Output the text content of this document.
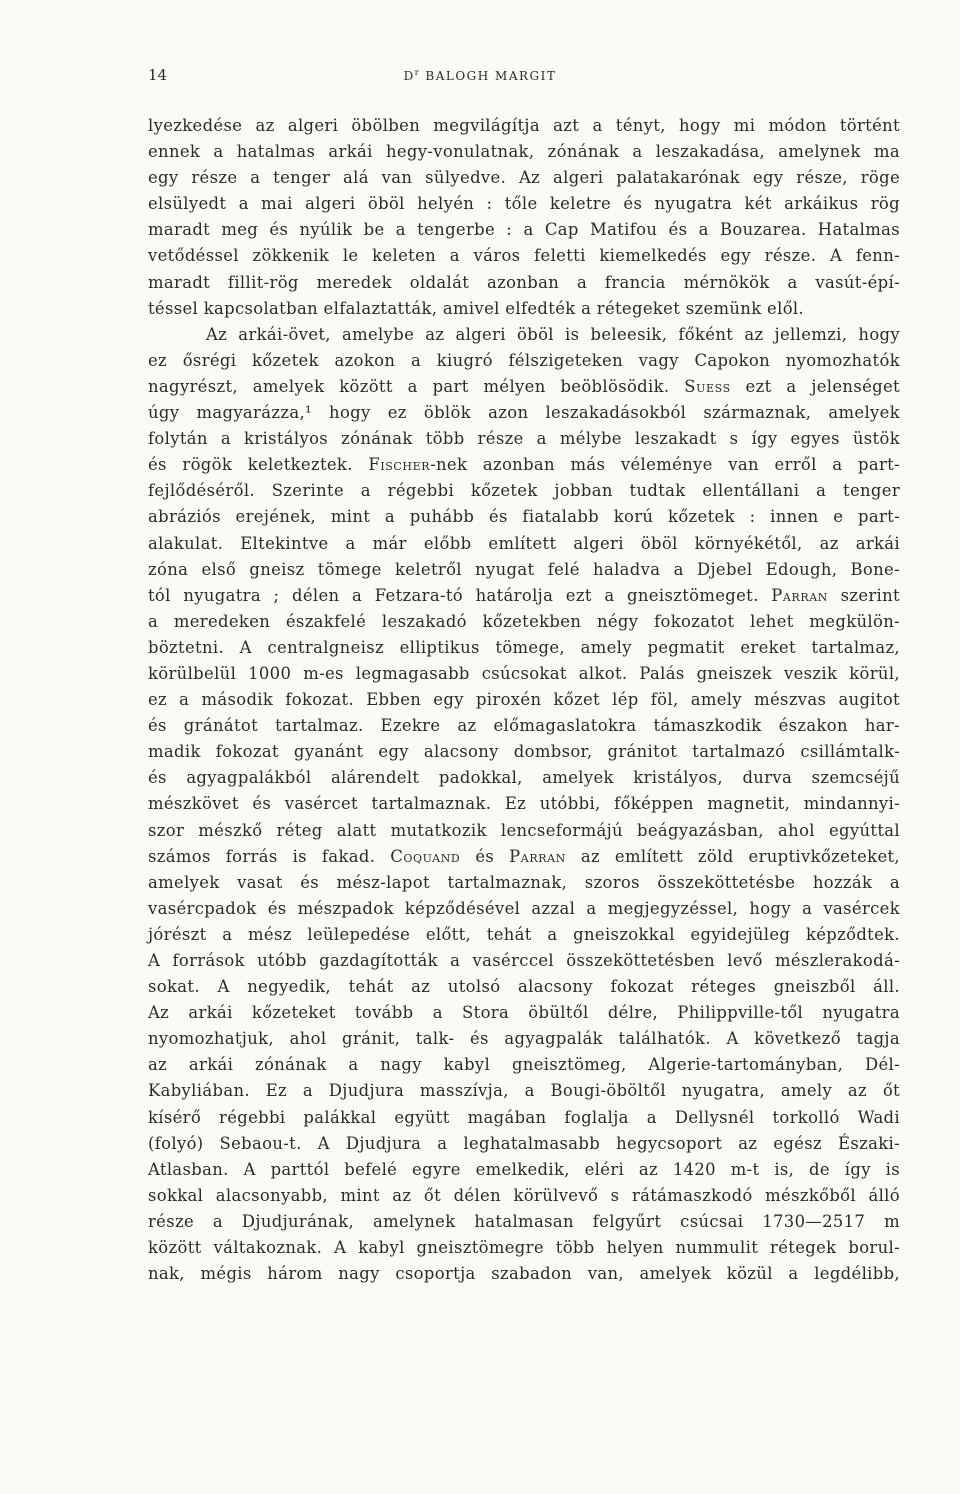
14	$D^r$ BALOGH MARGIT
lyezkedése az algeri öbölben megvilágítja azt a tényt, hogy mi módon történt
ennek a hatalmas arkái hegy-vonulatnak, zónának a leszakadása, amelynek ma
egy része a tenger alá van sülyedve. Az algeri palatakarónak egy része, röge
elsülyedt a mai algeri öböl helyén : tőle keletre és nyugatra két arkáikus rög
maradt meg és nyúlik be a tengerbe : a Cap Matifou és a Bouzarea. Hatalmas
vetődéssel zökkenik le keleten a város feletti kiemelkedés egy része. A fenn-
maradt fillit-rög meredek oldalát azonban a francia mérnökök a vasút-épí-
téssel kapcsolatban elfalaztatták, amivel elfedték a rétegeket szemünk elől.
Az arkái-övet, amelybe az algeri öböl is beleesik, főként az jellemzi, hogy
ez ősrégi kőzetek azokon a kiugró félszigeteken vagy Capokon nyomozhatók
nagyrészt, amelyek között a part mélyen beöblösödik. Suess ezt a jelenséget
úgy magyarázza,¹ hogy ez öblök azon leszakadásokból származnak, amelyek
folytán a kristályos zónának több része a mélybe leszakadt s így egyes üstök
és rögök keletkeztek. Fischer-nek azonban más véleménye van erről a part-
fejlődéséről. Szerinte a régebbi kőzetek jobban tudtak ellentállani a tenger
abráziós erejének, mint a puhább és fiatalabb korú kőzetek : innen e part-
alakulat. Eltekintve a már előbb említett algeri öböl környékétől, az arkái
zóna első gneisz tömege keletről nyugat felé haladva a Djebel Edough, Bone-
tól nyugatra ; délen a Fetzara-tó határolja ezt a gneisztömeget. Parran szerint
a meredeken északfelé leszakadó kőzetekben négy fokozatot lehet megkülön-
böztetni. A centralgneisz elliptikus tömege, amely pegmatit ereket tartalmaz,
körülbelül 1000 m-es legmagasabb csúcsokat alkot. Palás gneiszek veszik körül,
ez a második fokozat. Ebben egy piroxén kőzet lép föl, amely mészvas augitot
és gránátot tartalmaz. Ezekre az előmagaslatokra támaszkodik északon har-
madik fokozat gyanánt egy alacsony dombsor, gránitot tartalmazó csillámtalk-
és agyagpalákból alárendelt padokkal, amelyek kristályos, durva szemcséjű
mészkövet és vasércet tartalmaznak. Ez utóbbi, főképpen magnetit, mindannyi-
szor mészkő réteg alatt mutatkozik lencseformájú beágyazásban, ahol egyúttal
számos forrás is fakad. Coquand és Parran az említett zöld eruptivkőzeteket,
amelyek vasat és mész-lapot tartalmaznak, szoros összeköttetésbe hozzák a
vasércpadok és mészpadok képződésével azzal a megjegyzéssel, hogy a vasércek
jórészt a mész leülepedése előtt, tehát a gneiszokkal egyidejüleg képződtek.
A források utóbb gazdagították a vasérccel összeköttetésben levő mészlerakodá-
sokat. A negyedik, tehát az utolsó alacsony fokozat réteges gneiszből áll.
Az arkái kőzeteket tovább a Stora öbültől délre, Philippville-től nyugatra
nyomozhatjuk, ahol gránit, talk- és agyagpalák találhatók. A következő tagja
az arkái zónának a nagy kabyl gneisztömeg, Algerie-tartományban, Dél-
Kabyliában. Ez a Djudjura masszívja, a Bougi-öböltől nyugatra, amely az őt
kísérő régebbi palákkal együtt magában foglalja a Dellysnél torkolló Wadi
(folyó) Sebaou-t. A Djudjura a leghatalmasabb hegycsoport az egész Északi-
Atlasban. A parttól befelé egyre emelkedik, eléri az 1420 m-t is, de így is
sokkal alacsonyabb, mint az őt délen körülvevő s rátámaszkodó mészkőből álló
része a Djudjurának, amelynek hatalmasan felgyűrt csúcsai 1730—2517 m
között váltakoznak. A kabyl gneisztömegre több helyen nummulit rétegek borul-
nak, mégis három nagy csoportja szabadon van, amelyek közül a legdélibb,
